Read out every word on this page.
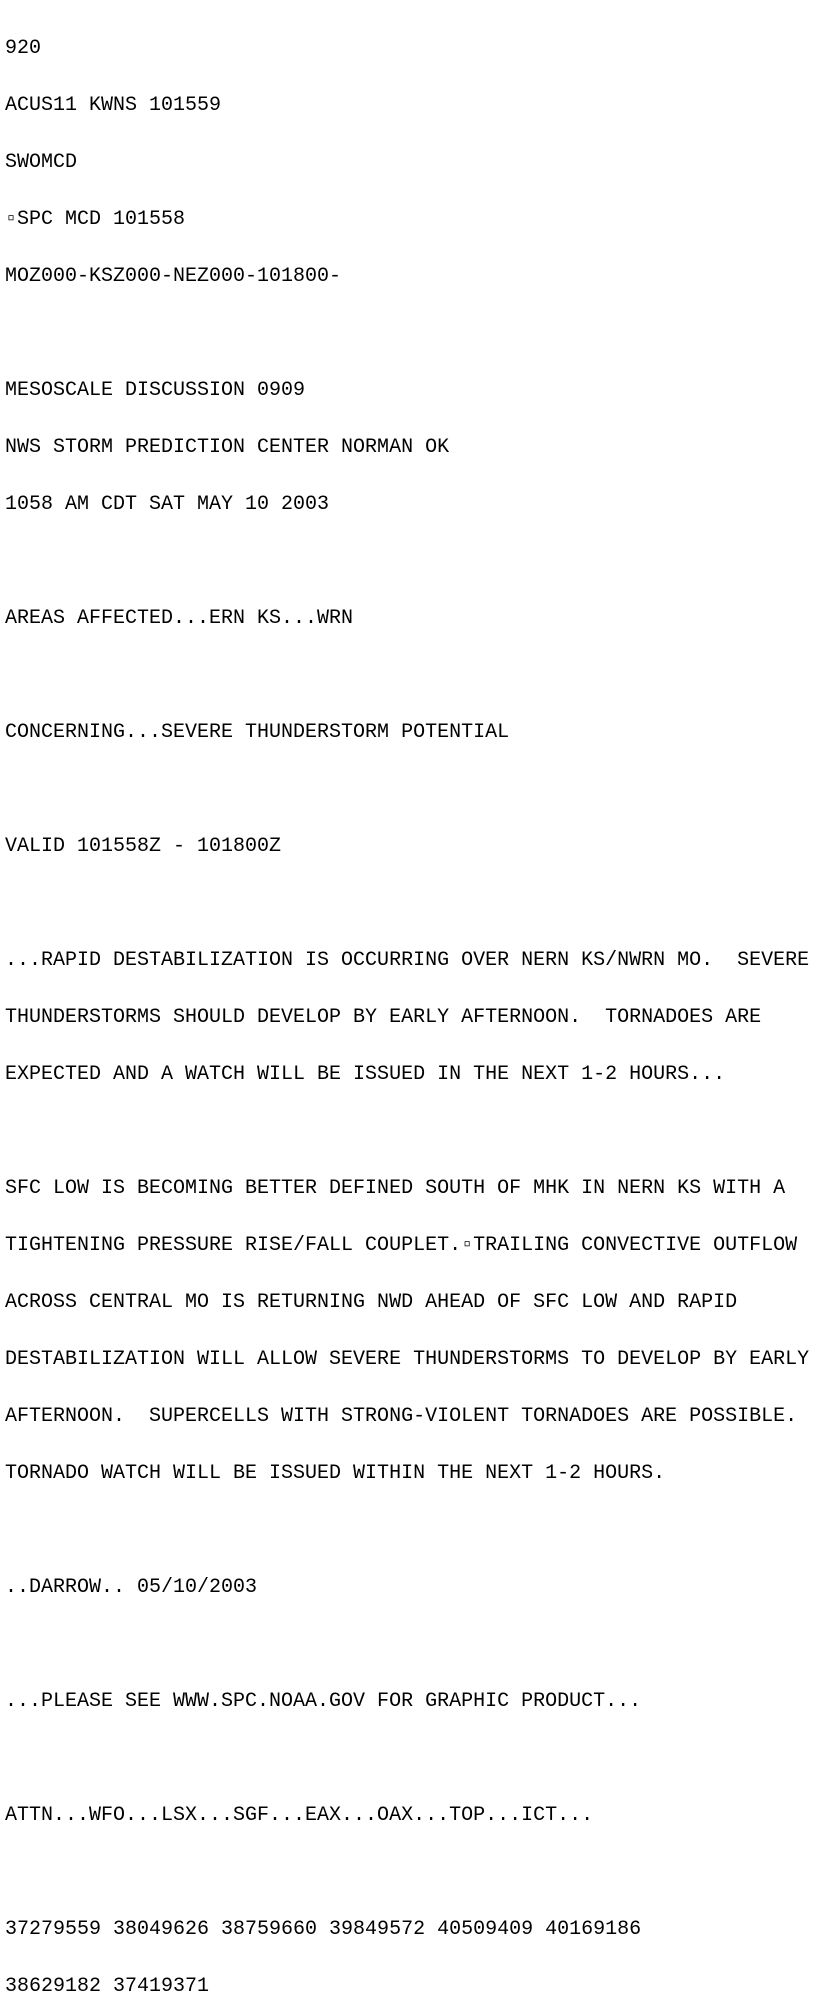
920

ACUS11 KWNS 101559

SWOMCD

▫SPC MCD 101558

MOZ000-KSZ000-NEZ000-101800-

MESOSCALE DISCUSSION 0909

NWS STORM PREDICTION CENTER NORMAN OK

1058 AM CDT SAT MAY 10 2003

AREAS AFFECTED...ERN KS...WRN

CONCERNING...SEVERE THUNDERSTORM POTENTIAL

VALID 101558Z - 101800Z

...RAPID DESTABILIZATION IS OCCURRING OVER NERN KS/NWRN MO.  SEVERE

THUNDERSTORMS SHOULD DEVELOP BY EARLY AFTERNOON.  TORNADOES ARE

EXPECTED AND A WATCH WILL BE ISSUED IN THE NEXT 1-2 HOURS...

SFC LOW IS BECOMING BETTER DEFINED SOUTH OF MHK IN NERN KS WITH A

TIGHTENING PRESSURE RISE/FALL COUPLET.▫TRAILING CONVECTIVE OUTFLOW

ACROSS CENTRAL MO IS RETURNING NWD AHEAD OF SFC LOW AND RAPID

DESTABILIZATION WILL ALLOW SEVERE THUNDERSTORMS TO DEVELOP BY EARLY

AFTERNOON.  SUPERCELLS WITH STRONG-VIOLENT TORNADOES ARE POSSIBLE.

TORNADO WATCH WILL BE ISSUED WITHIN THE NEXT 1-2 HOURS.

..DARROW.. 05/10/2003

...PLEASE SEE WWW.SPC.NOAA.GOV FOR GRAPHIC PRODUCT...

ATTN...WFO...LSX...SGF...EAX...OAX...TOP...ICT...

37279559 38049626 38759660 39849572 40509409 40169186

38629182 37419371
